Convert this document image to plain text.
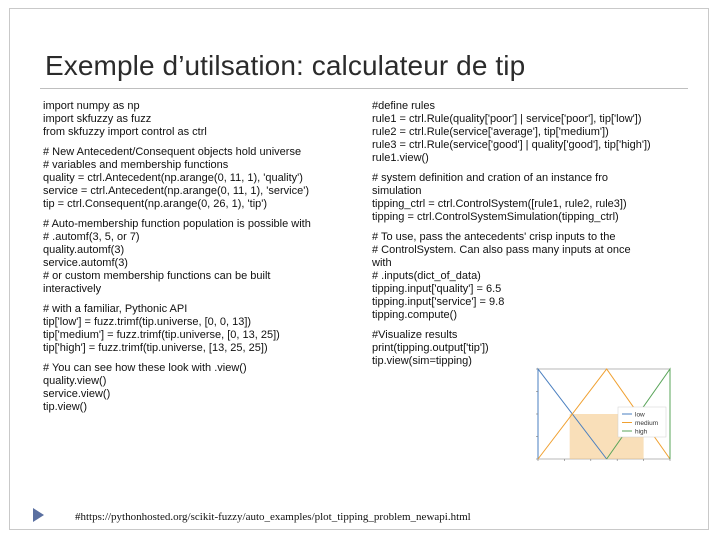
Exemple d’utilsation: calculateur de tip
import numpy as np
import skfuzzy as fuzz
from skfuzzy import control as ctrl
# New Antecedent/Consequent objects hold universe
# variables and membership functions
quality = ctrl.Antecedent(np.arange(0, 11, 1), 'quality')
service = ctrl.Antecedent(np.arange(0, 11, 1), 'service')
tip = ctrl.Consequent(np.arange(0, 26, 1), 'tip')
# Auto-membership function population is possible with
# .automf(3, 5, or 7)
quality.automf(3)
service.automf(3)
# or custom membership functions can be built
interactively
# with a familiar, Pythonic API
tip['low'] = fuzz.trimf(tip.universe, [0, 0, 13])
tip['medium'] = fuzz.trimf(tip.universe, [0, 13, 25])
tip['high'] = fuzz.trimf(tip.universe, [13, 25, 25])
# You can see how these look with .view()
quality.view()
service.view()
tip.view()
#define rules
rule1 = ctrl.Rule(quality['poor'] | service['poor'], tip['low'])
rule2 = ctrl.Rule(service['average'], tip['medium'])
rule3 = ctrl.Rule(service['good'] | quality['good'], tip['high'])
rule1.view()
# system definition and cration of an instance fro
simulation
tipping_ctrl = ctrl.ControlSystem([rule1, rule2, rule3])
tipping = ctrl.ControlSystemSimulation(tipping_ctrl)
# To use, pass the antecedents' crisp inputs to the
# ControlSystem. Can also pass many inputs at once
with
# .inputs(dict_of_data)
tipping.input['quality'] = 6.5
tipping.input['service'] = 9.8
tipping.compute()
#Visualize results
print(tipping.output['tip'])
tip.view(sim=tipping)
low
medium
high
#https://pythonhosted.org/scikit-fuzzy/auto_examples/plot_tipping_problem_newapi.html
